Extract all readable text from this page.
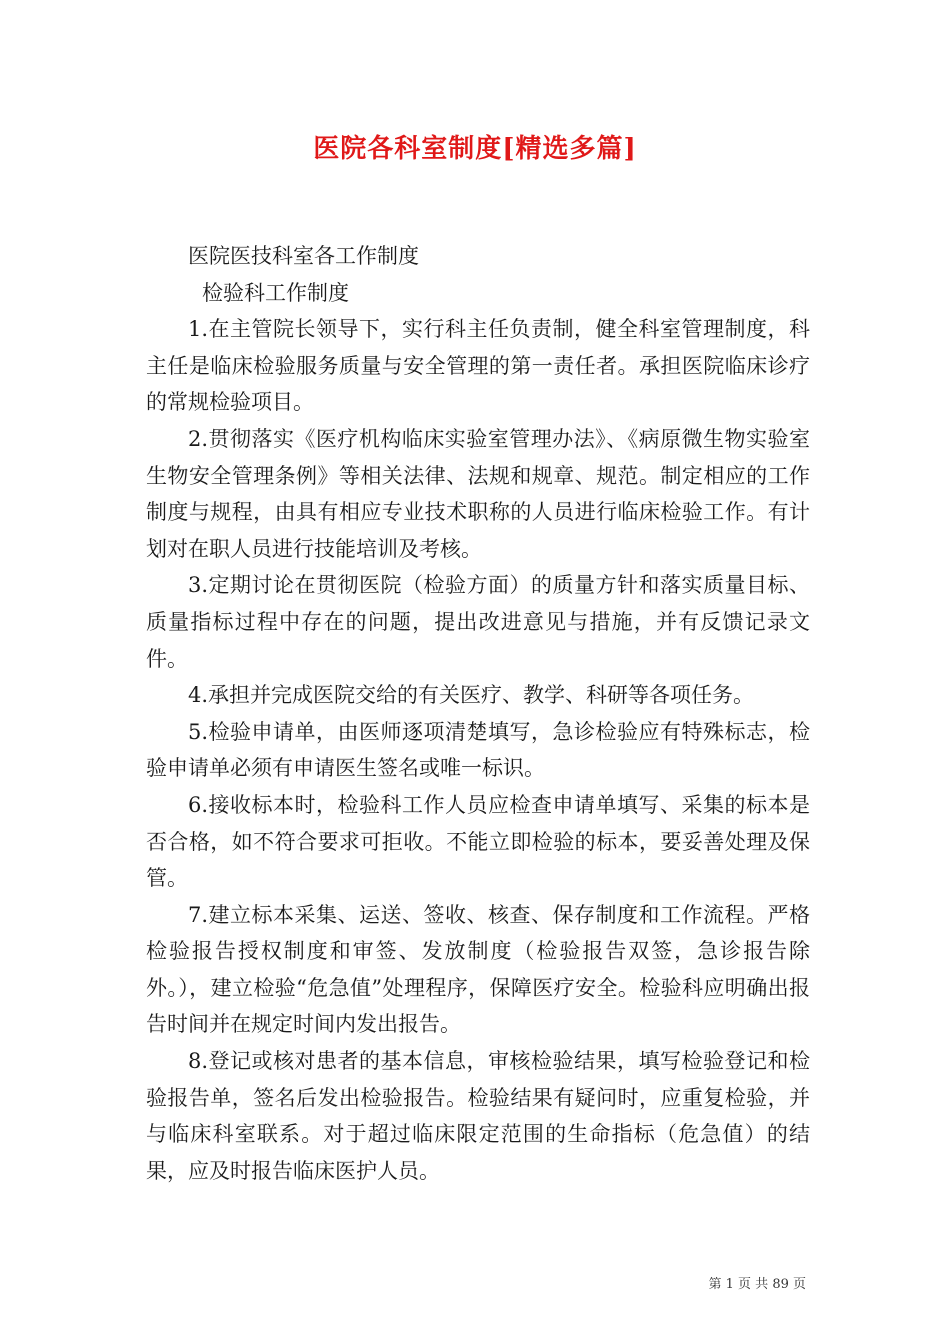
医院各科室制度[精选多篇]

医院医技科室各工作制度

检验科工作制度

1.在主管院长领导下，实行科主任负责制，健全科室管理制度，科主任是临床检验服务质量与安全管理的第一责任者。承担医院临床诊疗的常规检验项目。

2.贯彻落实《医疗机构临床实验室管理办法》、《病原微生物实验室生物安全管理条例》等相关法律、法规和规章、规范。制定相应的工作制度与规程，由具有相应专业技术职称的人员进行临床检验工作。有计划对在职人员进行技能培训及考核。

3.定期讨论在贯彻医院（检验方面）的质量方针和落实质量目标、质量指标过程中存在的问题，提出改进意见与措施，并有反馈记录文件。

4.承担并完成医院交给的有关医疗、教学、科研等各项任务。

5.检验申请单，由医师逐项清楚填写，急诊检验应有特殊标志，检验申请单必须有申请医生签名或唯一标识。

6.接收标本时，检验科工作人员应检查申请单填写、采集的标本是否合格，如不符合要求可拒收。不能立即检验的标本，要妥善处理及保管。

7.建立标本采集、运送、签收、核查、保存制度和工作流程。严格检验报告授权制度和审签、发放制度（检验报告双签，急诊报告除外。），建立检验“危急值”处理程序，保障医疗安全。检验科应明确出报告时间并在规定时间内发出报告。

8.登记或核对患者的基本信息，审核检验结果，填写检验登记和检验报告单，签名后发出检验报告。检验结果有疑问时，应重复检验，并与临床科室联系。对于超过临床限定范围的生命指标（危急值）的结果，应及时报告临床医护人员。

第 1 页 共 89 页
